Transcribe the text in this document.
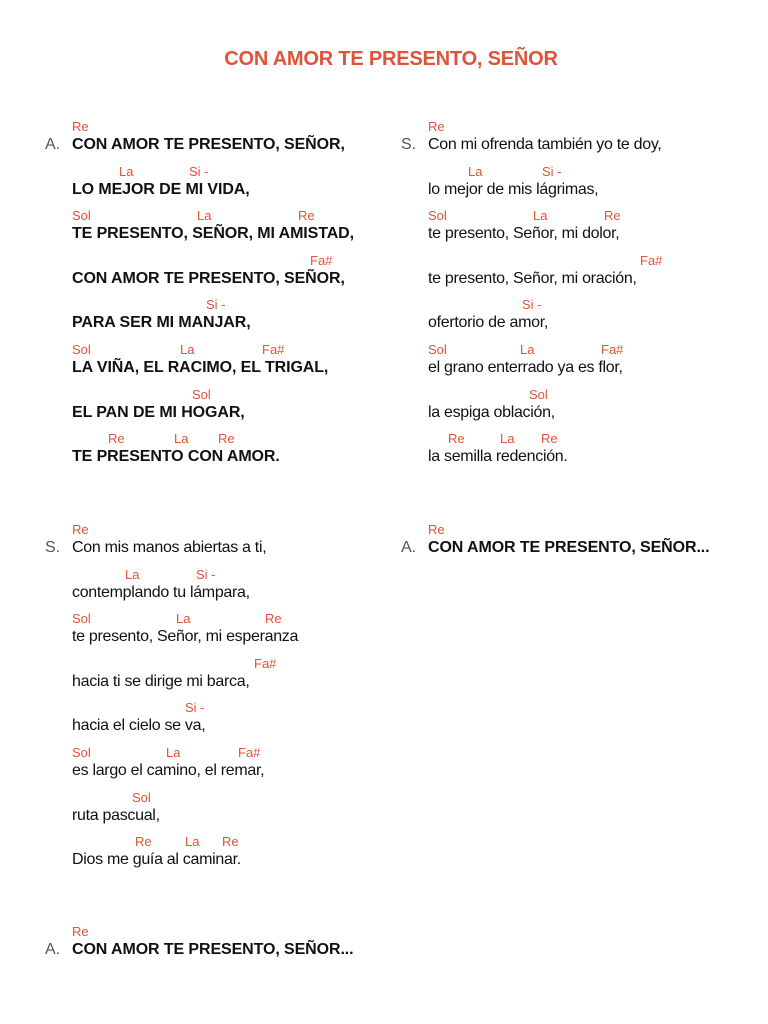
CON AMOR TE PRESENTO, SEÑOR
Re
A. CON AMOR TE PRESENTO, SEÑOR,
La	Si -
LO MEJOR DE MI VIDA,
Sol	La	Re
TE PRESENTO, SEÑOR, MI AMISTAD,
Fa#
CON AMOR TE PRESENTO, SEÑOR,
Si -
PARA SER MI MANJAR,
Sol	La	Fa#
LA VIÑA, EL RACIMO, EL TRIGAL,
Sol
EL PAN DE MI HOGAR,
Re	La Re
TE PRESENTO CON AMOR.
Re
S. Con mi ofrenda también yo te doy,
La	Si -
lo mejor de mis lágrimas,
Sol	La	Re
te presento, Señor, mi dolor,
Fa#
te presento, Señor, mi oración,
Si -
ofertorio de amor,
Sol	La	Fa#
el grano enterrado ya es flor,
Sol
la espiga oblación,
Re	La Re
la semilla redención.
Re
S. Con mis manos abiertas a ti,
La	Si -
contemplando tu lámpara,
Sol	La	Re
te presento, Señor, mi esperanza
Fa#
hacia ti se dirige mi barca,
Si -
hacia el cielo se va,
Sol	La	Fa#
es largo el camino, el remar,
Sol
ruta pascual,
Re	La Re
Dios me guía al caminar.
Re
A. CON AMOR TE PRESENTO, SEÑOR...
Re
A. CON AMOR TE PRESENTO, SEÑOR...
